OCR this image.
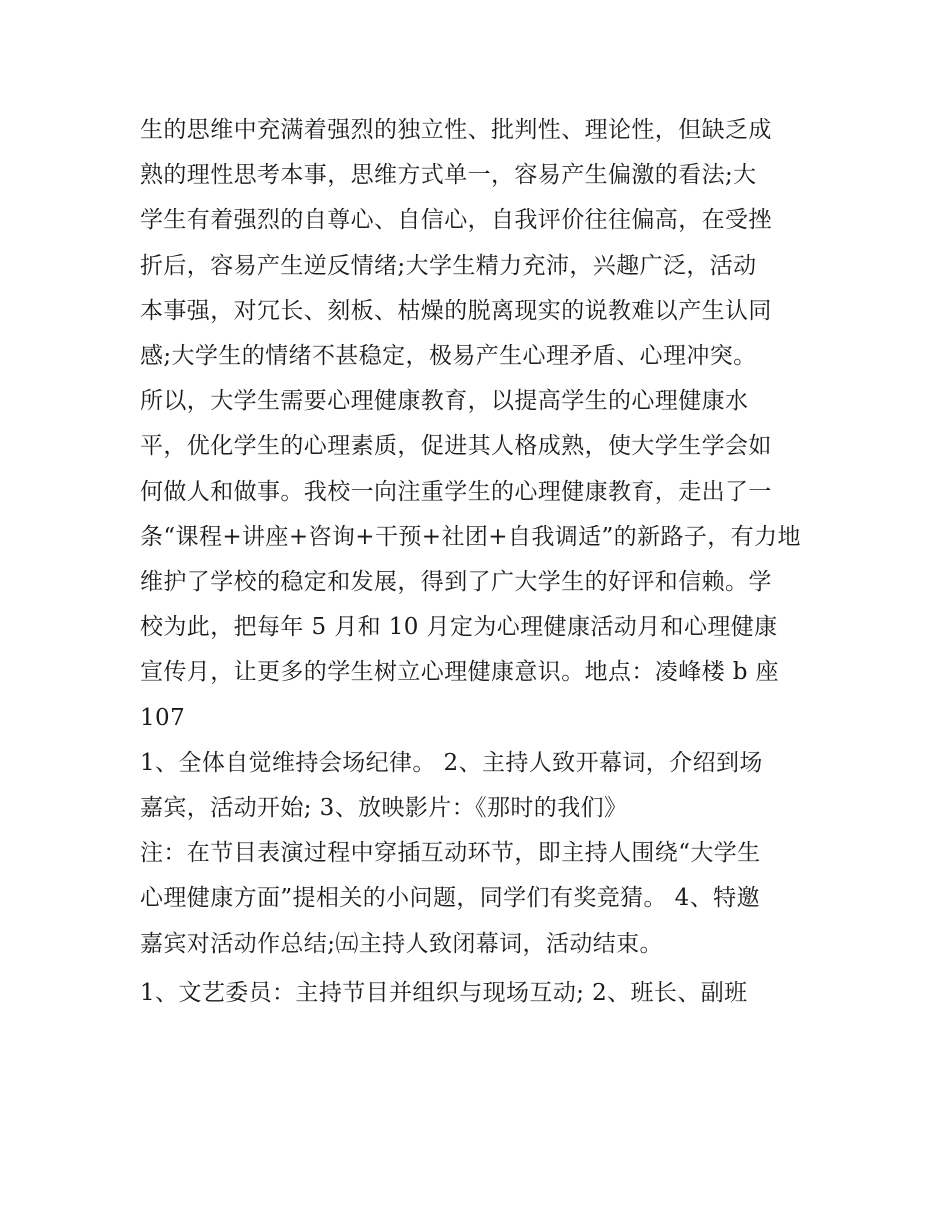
生的思维中充满着强烈的独立性、批判性、理论性，但缺乏成
熟的理性思考本事，思维方式单一，容易产生偏激的看法;大
学生有着强烈的自尊心、自信心，自我评价往往偏高，在受挫
折后，容易产生逆反情绪;大学生精力充沛，兴趣广泛，活动
本事强，对冗长、刻板、枯燥的脱离现实的说教难以产生认同
感;大学生的情绪不甚稳定，极易产生心理矛盾、心理冲突。
所以，大学生需要心理健康教育，以提高学生的心理健康水
平，优化学生的心理素质，促进其人格成熟，使大学生学会如
何做人和做事。我校一向注重学生的心理健康教育，走出了一
条“课程+讲座+咨询+干预+社团+自我调适”的新路子，有力地
维护了学校的稳定和发展，得到了广大学生的好评和信赖。学
校为此，把每年 5 月和 10 月定为心理健康活动月和心理健康
宣传月，让更多的学生树立心理健康意识。地点：凌峰楼 b 座
107
1、全体自觉维持会场纪律。 2、主持人致开幕词，介绍到场
嘉宾，活动开始; 3、放映影片：《那时的我们》
注：在节目表演过程中穿插互动环节，即主持人围绕“大学生
心理健康方面”提相关的小问题，同学们有奖竞猜。 4、特邀
嘉宾对活动作总结;㈤主持人致闭幕词，活动结束。
1、文艺委员：主持节目并组织与现场互动; 2、班长、副班
